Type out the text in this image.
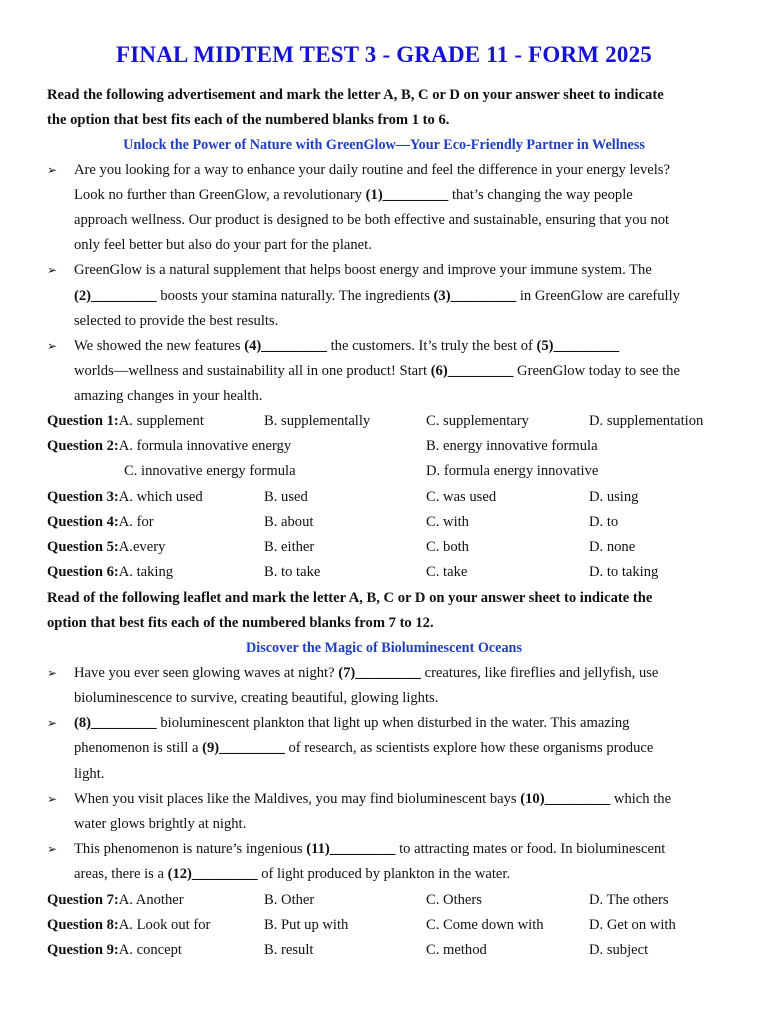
FINAL MIDTEM TEST 3 - GRADE 11 - FORM 2025
Read the following advertisement and mark the letter A, B, C or D on your answer sheet to indicate
the option that best fits each of the numbered blanks from 1 to 6.
Unlock the Power of Nature with GreenGlow—Your Eco-Friendly Partner in Wellness
➢ Are you looking for a way to enhance your daily routine and feel the difference in your energy levels?
Look no further than GreenGlow, a revolutionary (1)_________ that’s changing the way people
approach wellness. Our product is designed to be both effective and sustainable, ensuring that you not
only feel better but also do your part for the planet.
➢ GreenGlow is a natural supplement that helps boost energy and improve your immune system. The
(2)_________ boosts your stamina naturally. The ingredients (3)_________ in GreenGlow are carefully
selected to provide the best results.
➢ We showed the new features (4)_________ the customers. It’s truly the best of (5)_________
worlds—wellness and sustainability all in one product! Start (6)_________ GreenGlow today to see the
amazing changes in your health.
Question 1:A. supplement	B. supplementally	C. supplementary	D. supplementation
Question 2:A. formula innovative energy	B. energy innovative formula
C. innovative energy formula	D. formula energy innovative
Question 3:A. which used	B. used	C. was used	D. using
Question 4:A. for	B. about	C. with	D. to
Question 5:A.every	B. either	C. both	D. none
Question 6:A. taking	B. to take	C. take	D. to taking
Read of the following leaflet and mark the letter A, B, C or D on your answer sheet to indicate the
option that best fits each of the numbered blanks from 7 to 12.
Discover the Magic of Bioluminescent Oceans
➢ Have you ever seen glowing waves at night? (7)_________ creatures, like fireflies and jellyfish, use
bioluminescence to survive, creating beautiful, glowing lights.
➢ (8)_________ bioluminescent plankton that light up when disturbed in the water. This amazing
phenomenon is still a (9)_________ of research, as scientists explore how these organisms produce
light.
➢ When you visit places like the Maldives, you may find bioluminescent bays (10)_________ which the
water glows brightly at night.
➢ This phenomenon is nature’s ingenious (11)_________ to attracting mates or food. In bioluminescent
areas, there is a (12)_________ of light produced by plankton in the water.
Question 7:A. Another	B. Other	C. Others	D. The others
Question 8:A. Look out for	B. Put up with	C. Come down with	D. Get on with
Question 9:A. concept	B. result	C. method	D. subject
